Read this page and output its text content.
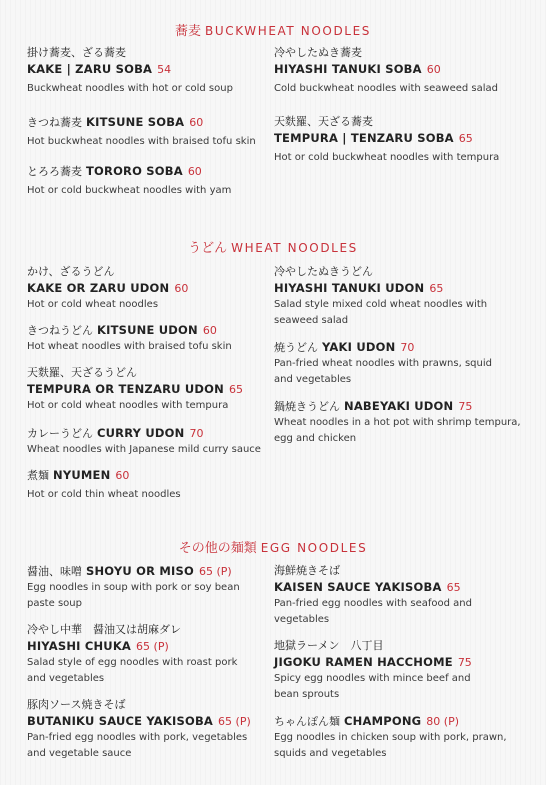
蕎麦 BUCKWHEAT NOODLES
掛け蕎麦、ざる蕎麦
KAKE | ZARU SOBA 54
Buckwheat noodles with hot or cold soup
きつね蕎麦 KITSUNE SOBA 60
Hot buckwheat noodles with braised tofu skin
とろろ蕎麦 TORORO SOBA 60
Hot or cold buckwheat noodles with yam
冷やしたぬき蕎麦
HIYASHI TANUKI SOBA 60
Cold buckwheat noodles with seaweed salad
天麩羅、天ざる蕎麦
TEMPURA | TENZARU SOBA 65
Hot or cold buckwheat noodles with tempura
うどん WHEAT NOODLES
かけ、ざるうどん
KAKE OR ZARU UDON 60
Hot or cold wheat noodles
きつねうどん KITSUNE UDON 60
Hot wheat noodles with braised tofu skin
天麩羅、天ざるうどん
TEMPURA OR TENZARU UDON 65
Hot or cold wheat noodles with tempura
カレーうどん CURRY UDON 70
Wheat noodles with Japanese mild curry sauce
煮麺 NYUMEN 60
Hot or cold thin wheat noodles
冷やしたぬきうどん
HIYASHI TANUKI UDON 65
Salad style mixed cold wheat noodles with
seaweed salad
焼うどん YAKI UDON 70
Pan-fried wheat noodles with prawns, squid
and vegetables
鍋焼きうどん NABEYAKI UDON 75
Wheat noodles in a hot pot with shrimp tempura,
egg and chicken
その他の麺類 EGG NOODLES
醤油、味噌 SHOYU OR MISO 65 (P)
Egg noodles in soup with pork or soy bean
paste soup
冷やし中華　醤油又は胡麻ダレ
HIYASHI CHUKA 65 (P)
Salad style of egg noodles with roast pork
and vegetables
豚肉ソース焼きそば
BUTANIKU SAUCE YAKISOBA 65 (P)
Pan-fried egg noodles with pork, vegetables
and vegetable sauce
海鮮焼きそば
KAISEN SAUCE YAKISOBA 65
Pan-fried egg noodles with seafood and
vegetables
地獄ラーメン　八丁目
JIGOKU RAMEN HACCHOME 75
Spicy egg noodles with mince beef and
bean sprouts
ちゃんぽん麺 CHAMPONG 80 (P)
Egg noodles in chicken soup with pork, prawn,
squids and vegetables
